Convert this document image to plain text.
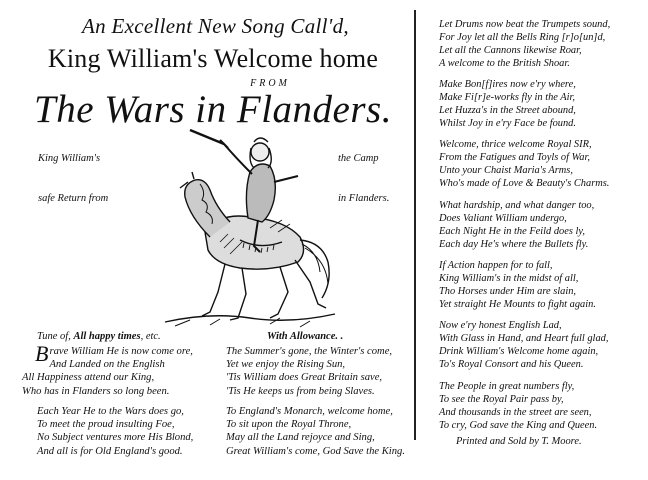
An Excellent New Song Call'd,
King William's Welcome home
FROM
The Wars in Flanders.
King William's
safe Return from
the Camp
in Flanders.
Tune of, All happy times, etc.	With Allowance. .
B rave William He is now come ore,
And Landed on the English
All Happiness attend our King,
Who has in Flanders so long been.
Each Year He to the Wars does go,
To meet the proud insulting Foe,
No Subject ventures more His Blond,
And all is for Old England's good.
The Summer's gone, the Winter's come,
Yet we enjoy the Rising Sun,
'Tis William does Great Britain save,
'Tis He keeps us from being Slaves.
To England's Monarch, welcome home,
To sit upon the Royal Throne,
May all the Land rejoyce and Sing,
Great William's come, God Save the King.
Let Drums now beat the Trumpets sound,
For Joy let all the Bells Ring [r]o[un]d,
Let all the Cannons likewise Roar,
A welcome to the British Shoar.
Make Bon[f]ires now e'ry where,
Make Fi[r]e-works fly in the Air,
Let Huzza's in the Street abound,
Whilst Joy in e'ry Face be found.
Welcome, thrice welcome Royal SIR,
From the Fatigues and Toyls of War,
Unto your Chaist Maria's Arms,
Who's made of Love & Beauty's Charms.
What hardship, and what danger too,
Does Valiant William undergo,
Each Night He in the Feild does ly,
Each day He's where the Bullets fly.
If Action happen for to fall,
King William's in the midst of all,
Tho Horses under Him are slain,
Yet straight He Mounts to fight again.
Now e'ry honest English Lad,
With Glass in Hand, and Heart full glad,
Drink William's Welcome home again,
To's Royal Consort and his Queen.
The People in great numbers fly,
To see the Royal Pair pass by,
And thousands in the street are seen,
To cry, God save the King and Queen.
Printed and Sold by T. Moore.
